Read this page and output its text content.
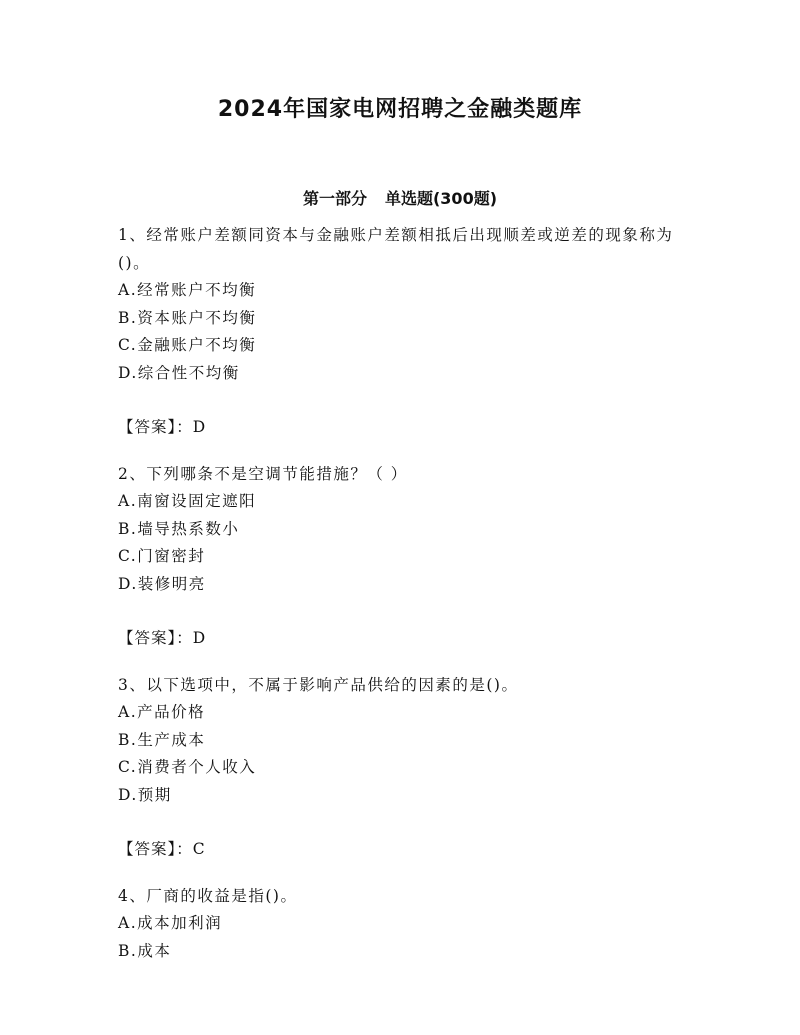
2024年国家电网招聘之金融类题库
第一部分 单选题(300题)

1、经常账户差额同资本与金融账户差额相抵后出现顺差或逆差的现象称为()。

A.经常账户不均衡

B.资本账户不均衡

C.金融账户不均衡

D.综合性不均衡

【答案】：D

2、下列哪条不是空调节能措施？（ ）

A.南窗设固定遮阳

B.墙导热系数小

C.门窗密封

D.装修明亮

【答案】：D

3、以下选项中，不属于影响产品供给的因素的是()。

A.产品价格

B.生产成本

C.消费者个人收入

D.预期

【答案】：C

4、厂商的收益是指()。

A.成本加利润

B.成本
